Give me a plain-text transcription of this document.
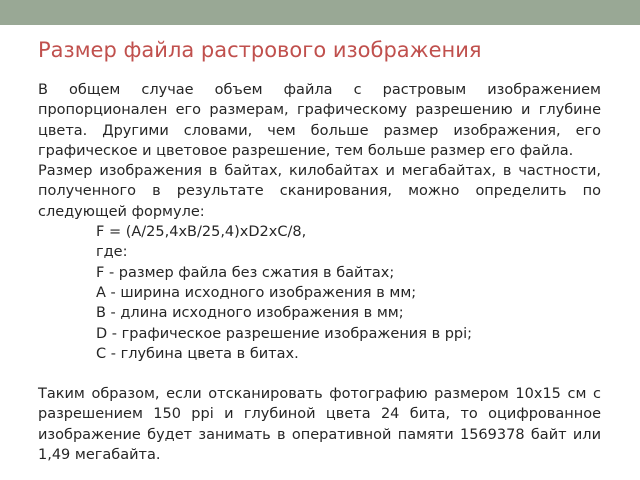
Размер файла растрового изображения

В общем случае объем файла с растровым изображением пропорционален его размерам, графическому разрешению и глубине цвета. Другими словами, чем больше размер изображения, его графическое и цветовое разрешение, тем больше размер его файла.

Размер изображения в байтах, килобайтах и мегабайтах, в частности, полученного в результате сканирования, можно определить по следующей формуле:

F = (A/25,4xB/25,4)xD2xC/8,

где:

F - размер файла без сжатия в байтах;

А - ширина исходного изображения в мм;

В - длина исходного изображения в мм;

D - графическое разрешение изображения в ppi;

С - глубина цвета в битах.

Таким образом, если отсканировать фотографию размером 10x15 см с разрешением 150 ppi и глубиной цвета 24 бита, то оцифрованное изображение будет занимать в оперативной памяти 1569378 байт или 1,49 мегабайта.
